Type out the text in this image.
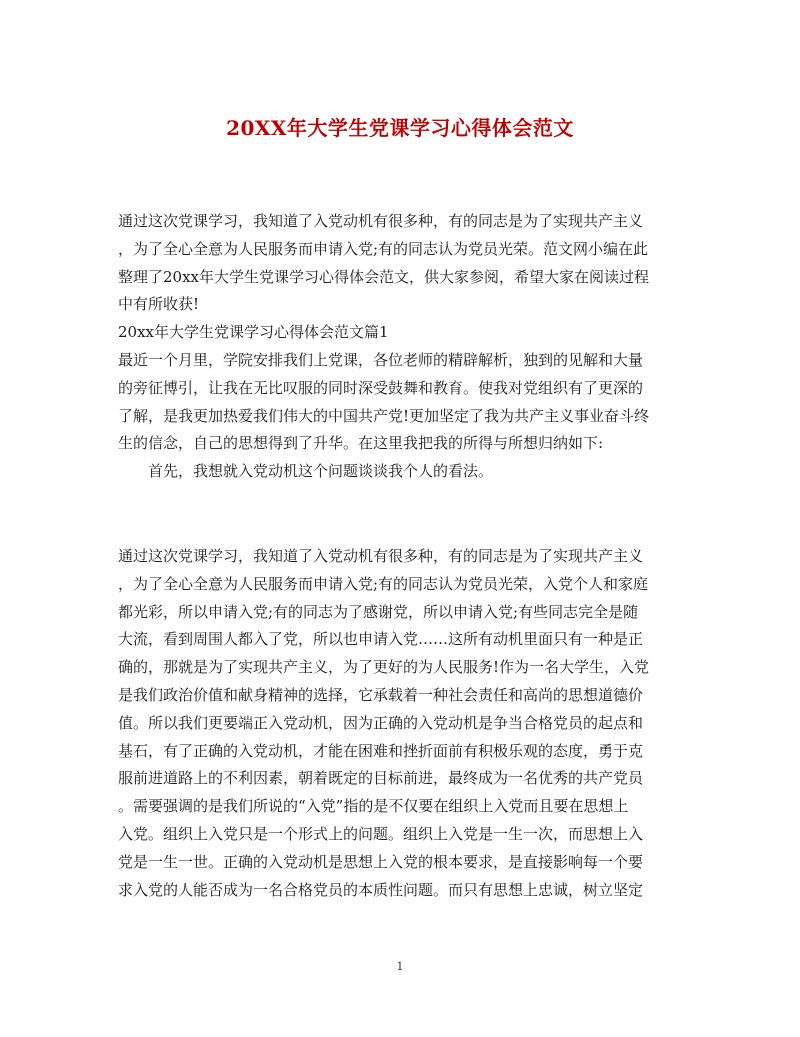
20XX年大学生党课学习心得体会范文
通过这次党课学习，我知道了入党动机有很多种，有的同志是为了实现共产主义
，为了全心全意为人民服务而申请入党;有的同志认为党员光荣。范文网小编在此
整理了20xx年大学生党课学习心得体会范文，供大家参阅，希望大家在阅读过程
中有所收获!
20xx年大学生党课学习心得体会范文篇1
最近一个月里，学院安排我们上党课，各位老师的精辟解析，独到的见解和大量
的旁征博引，让我在无比叹服的同时深受鼓舞和教育。使我对党组织有了更深的
了解，是我更加热爱我们伟大的中国共产党!更加坚定了我为共产主义事业奋斗终
生的信念，自己的思想得到了升华。在这里我把我的所得与所想归纳如下:
首先，我想就入党动机这个问题谈谈我个人的看法。
通过这次党课学习，我知道了入党动机有很多种，有的同志是为了实现共产主义
，为了全心全意为人民服务而申请入党;有的同志认为党员光荣，入党个人和家庭
都光彩，所以申请入党;有的同志为了感谢党，所以申请入党;有些同志完全是随
大流，看到周围人都入了党，所以也申请入党……这所有动机里面只有一种是正
确的，那就是为了实现共产主义，为了更好的为人民服务!作为一名大学生，入党
是我们政治价值和献身精神的选择，它承载着一种社会责任和高尚的思想道德价
值。所以我们更要端正入党动机，因为正确的入党动机是争当合格党员的起点和
基石，有了正确的入党动机，才能在困难和挫折面前有积极乐观的态度，勇于克
服前进道路上的不利因素，朝着既定的目标前进，最终成为一名优秀的共产党员
。需要强调的是我们所说的“入党”指的是不仅要在组织上入党而且要在思想上
入党。组织上入党只是一个形式上的问题。组织上入党是一生一次，而思想上入
党是一生一世。正确的入党动机是思想上入党的根本要求，是直接影响每一个要
求入党的人能否成为一名合格党员的本质性问题。而只有思想上忠诚，树立坚定
1
